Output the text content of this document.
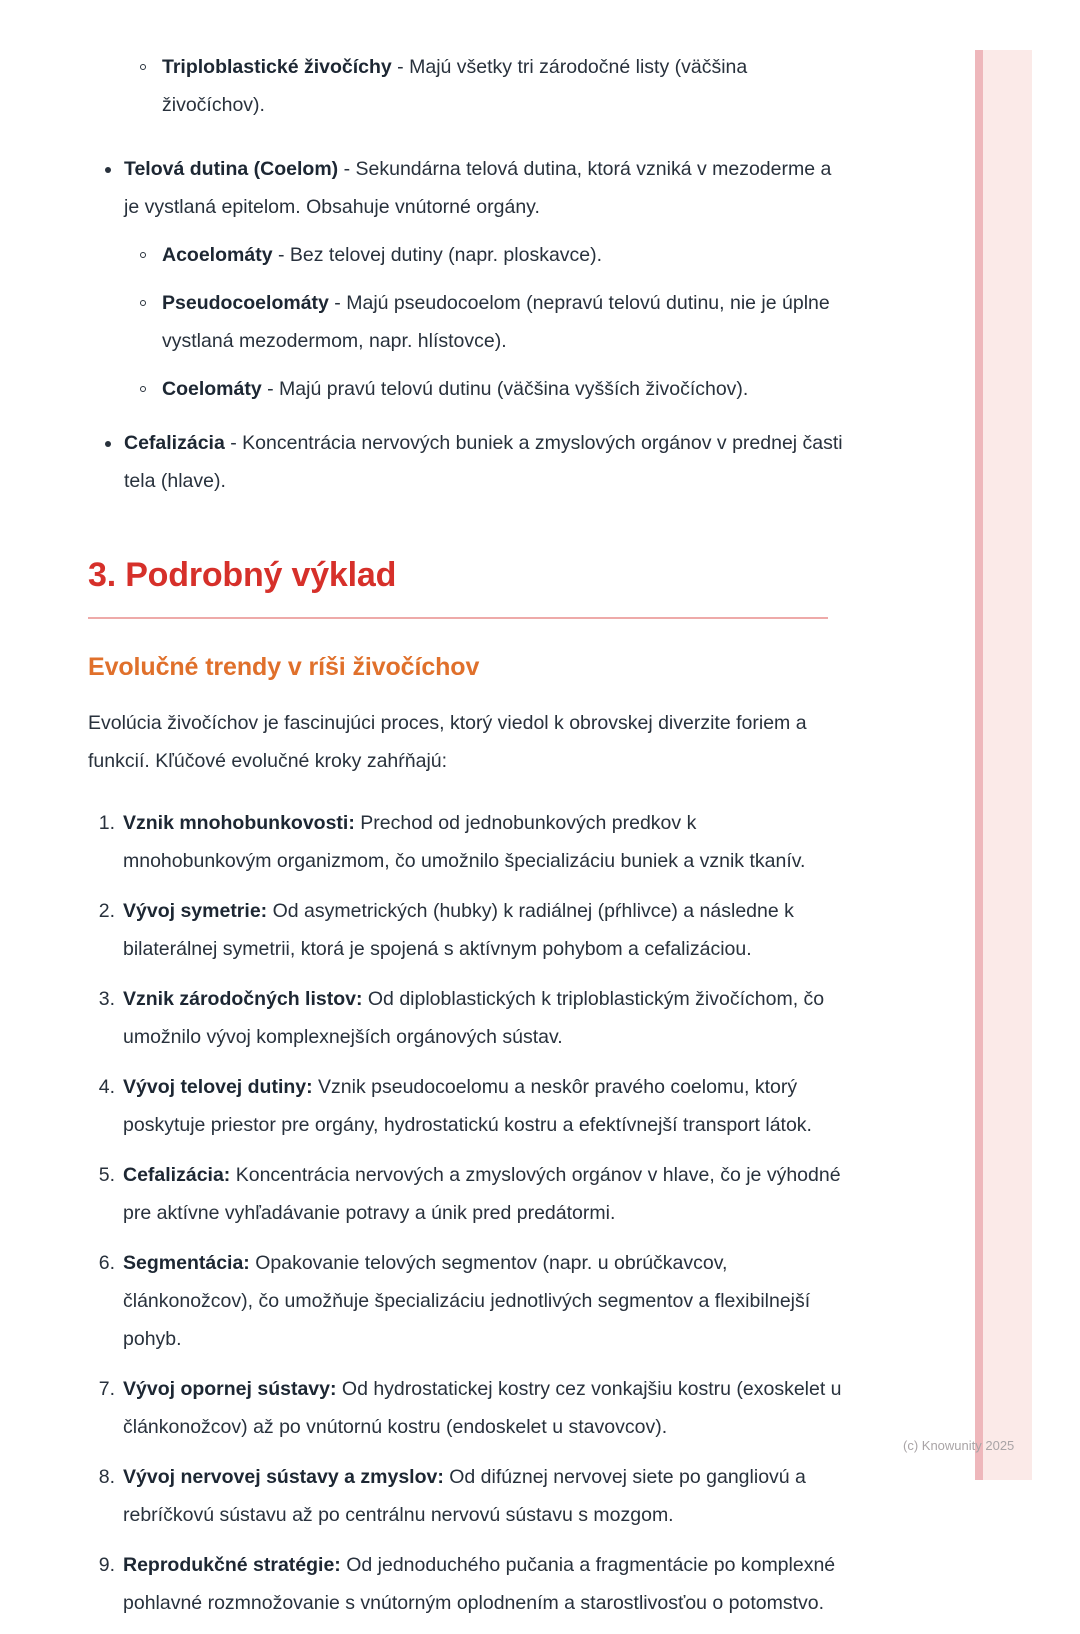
Triploblastické živočíchy - Majú všetky tri zárodočné listy (väčšina živočíchov).
Telová dutina (Coelom) - Sekundárna telová dutina, ktorá vzniká v mezoderme a je vystlaná epitelom. Obsahuje vnútorné orgány.
Acoelomáty - Bez telovej dutiny (napr. ploskavce).
Pseudocoelomáty - Majú pseudocoelom (nepravú telovú dutinu, nie je úplne vystlaná mezodermom, napr. hlístovce).
Coelomáty - Majú pravú telovú dutinu (väčšina vyšších živočíchov).
Cefalizácia - Koncentrácia nervových buniek a zmyslových orgánov v prednej časti tela (hlave).
3. Podrobný výklad
Evolučné trendy v ríši živočíchov

Evolúcia živočíchov je fascinujúci proces, ktorý viedol k obrovskej diverzite foriem a funkcií. Kľúčové evolučné kroky zahŕňajú:

1. Vznik mnohobunkovosti: Prechod od jednobunkových predkov k mnohobunkovým organizmom, čo umožnilo špecializáciu buniek a vznik tkanív.
2. Vývoj symetrie: Od asymetrických (hubky) k radiálnej (pŕhlivce) a následne k bilaterálnej symetrii, ktorá je spojená s aktívnym pohybom a cefalizáciou.
3. Vznik zárodočných listov: Od diploblastických k triploblastickým živočíchom, čo umožnilo vývoj komplexnejších orgánových sústav.
4. Vývoj telovej dutiny: Vznik pseudocoelomu a neskôr pravého coelomu, ktorý poskytuje priestor pre orgány, hydrostatickú kostru a efektívnejší transport látok.
5. Cefalizácia: Koncentrácia nervových a zmyslových orgánov v hlave, čo je výhodné pre aktívne vyhľadávanie potravy a únik pred predátormi.
6. Segmentácia: Opakovanie telových segmentov (napr. u obrúčkavcov, článkonožcov), čo umožňuje špecializáciu jednotlivých segmentov a flexibilnejší pohyb.
7. Vývoj opornej sústavy: Od hydrostatickej kostry cez vonkajšiu kostru (exoskelet u článkonožcov) až po vnútornú kostru (endoskelet u stavovcov).
8. Vývoj nervovej sústavy a zmyslov: Od difúznej nervovej siete po gangliovú a rebríčkovú sústavu až po centrálnu nervovú sústavu s mozgom.
9. Reprodukčné stratégie: Od jednoduchého pučania a fragmentácie po komplexné pohlavné rozmnožovanie s vnútorným oplodnením a starostlivosťou o potomstvo.
(c) Knowunity 2025
